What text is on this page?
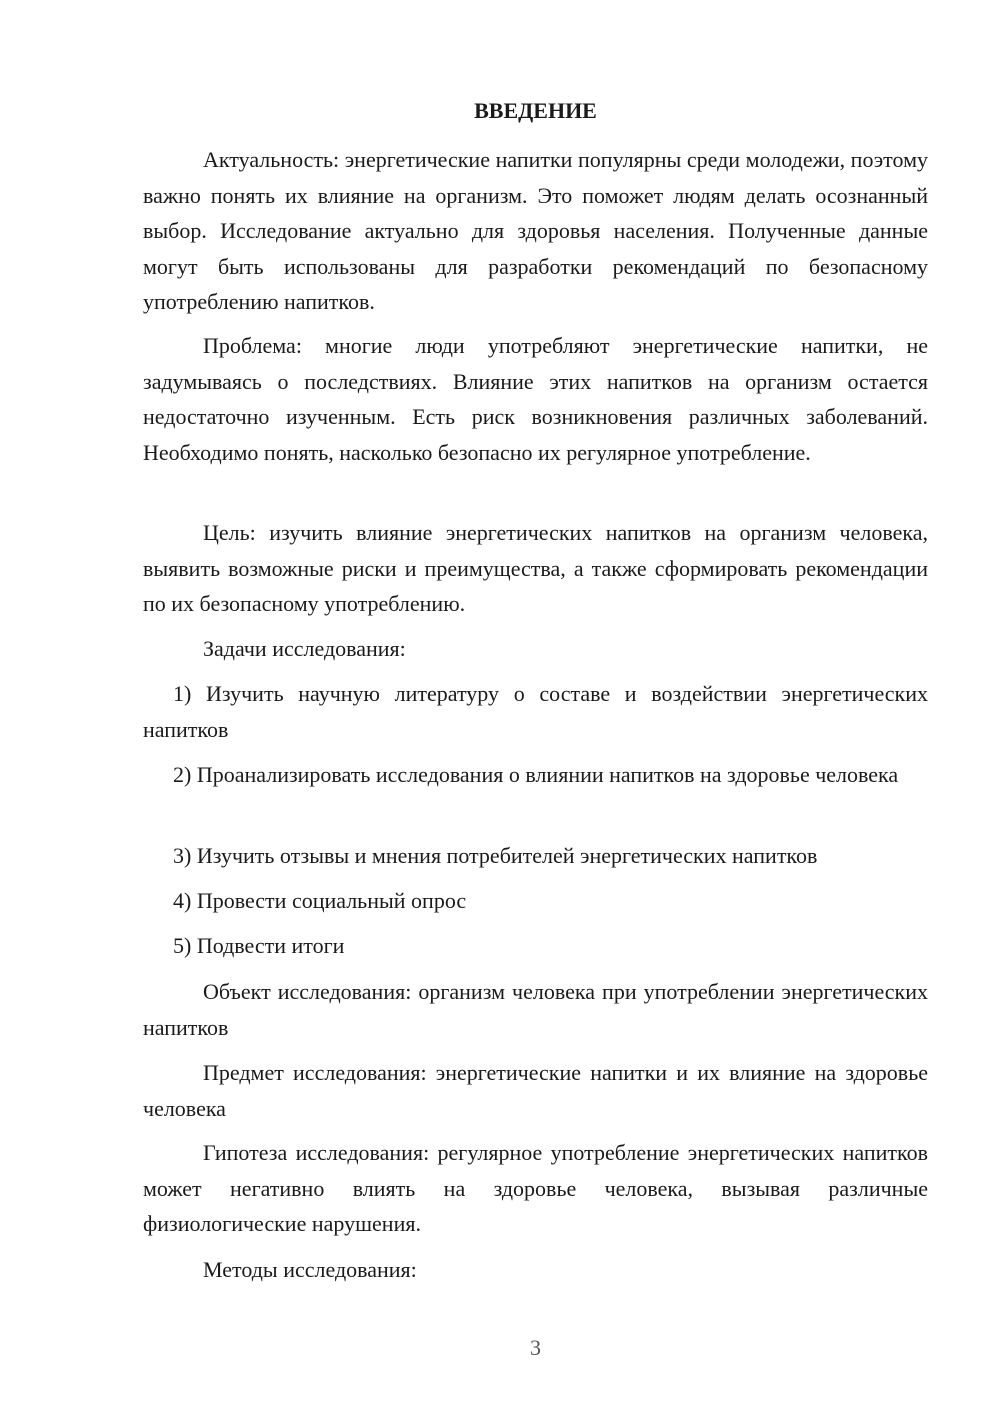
ВВЕДЕНИЕ

Актуальность: энергетические напитки популярны среди молодежи, поэтому важно понять их влияние на организм. Это поможет людям делать осознанный выбор. Исследование актуально для здоровья населения. Полученные данные могут быть использованы для разработки рекомендаций по безопасному употреблению напитков.

Проблема: многие люди употребляют энергетические напитки, не задумываясь о последствиях. Влияние этих напитков на организм остается недостаточно изученным. Есть риск возникновения различных заболеваний. Необходимо понять, насколько безопасно их регулярное употребление.

Цель: изучить влияние энергетических напитков на организм человека, выявить возможные риски и преимущества, а также сформировать рекомендации по их безопасному употреблению.

Задачи исследования:

1) Изучить научную литературу о составе и воздействии энергетических напитков

2) Проанализировать исследования о влиянии напитков на здоровье человека

3) Изучить отзывы и мнения потребителей энергетических напитков

4) Провести социальный опрос

5) Подвести итоги

Объект исследования: организм человека при употреблении энергетических напитков

Предмет исследования: энергетические напитки и их влияние на здоровье человека

Гипотеза исследования: регулярное употребление энергетических напитков может негативно влиять на здоровье человека, вызывая различные физиологические нарушения.

Методы исследования:

3
